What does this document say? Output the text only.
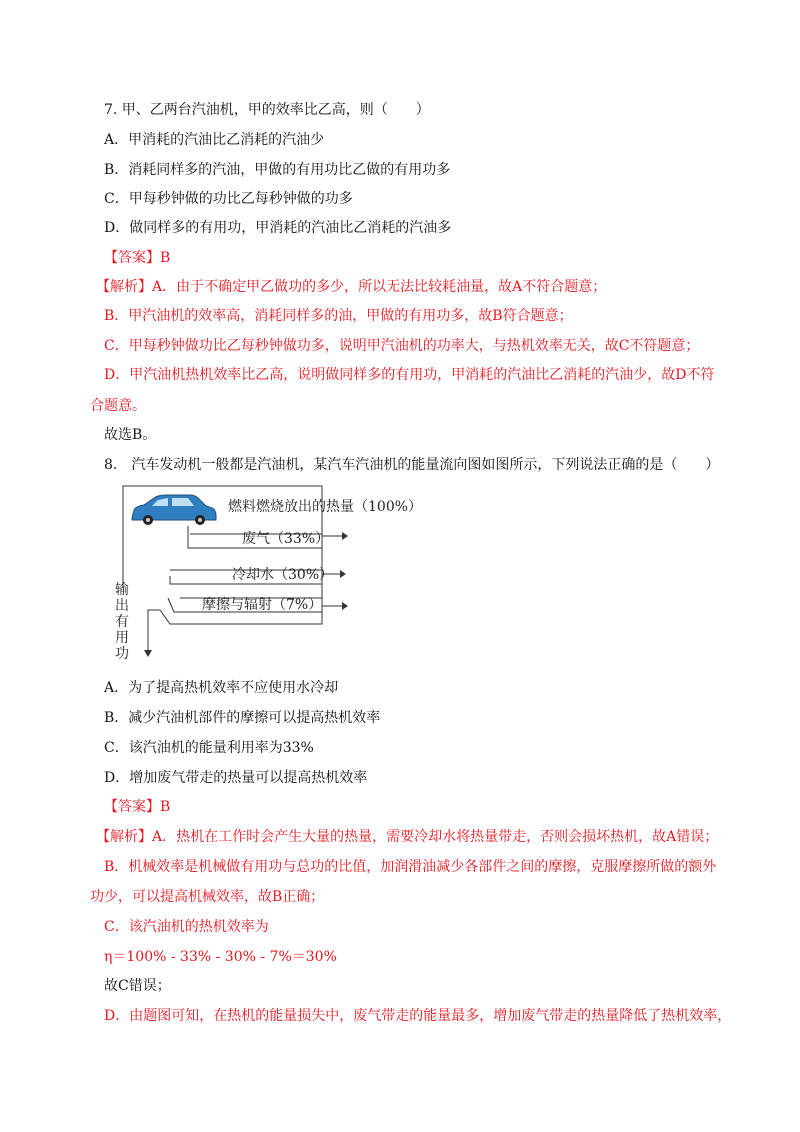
7. 甲、乙两台汽油机，甲的效率比乙高，则（　　）
A．甲消耗的汽油比乙消耗的汽油少
B．消耗同样多的汽油，甲做的有用功比乙做的有用功多
C．甲每秒钟做的功比乙每秒钟做的功多
D．做同样多的有用功，甲消耗的汽油比乙消耗的汽油多
【答案】B
【解析】A．由于不确定甲乙做功的多少，所以无法比较耗油量，故A不符合题意；
B．甲汽油机的效率高，消耗同样多的油，甲做的有用功多，故B符合题意；
C．甲每秒钟做功比乙每秒钟做功多，说明甲汽油机的功率大，与热机效率无关，故C不符题意；
D．甲汽油机热机效率比乙高，说明做同样多的有用功，甲消耗的汽油比乙消耗的汽油少，故D不符
合题意。
故选B。
8.　汽车发动机一般都是汽油机，某汽车汽油机的能量流向图如图所示，下列说法正确的是（　　）
燃料燃烧放出的热量（100%）
废气（33%）
冷却水（30%）
摩擦与辐射（7%）
输出有用功
A．为了提高热机效率不应使用水冷却
B．减少汽油机部件的摩擦可以提高热机效率
C．该汽油机的能量利用率为33%
D．增加废气带走的热量可以提高热机效率
【答案】B
【解析】A．热机在工作时会产生大量的热量，需要冷却水将热量带走，否则会损坏热机，故A错误；
B．机械效率是机械做有用功与总功的比值，加润滑油减少各部件之间的摩擦，克服摩擦所做的额外
功少，可以提高机械效率，故B正确；
C．该汽油机的热机效率为
η＝100% - 33% - 30% - 7%＝30%
故C错误；
D．由题图可知，在热机的能量损失中，废气带走的能量最多，增加废气带走的热量降低了热机效率，
